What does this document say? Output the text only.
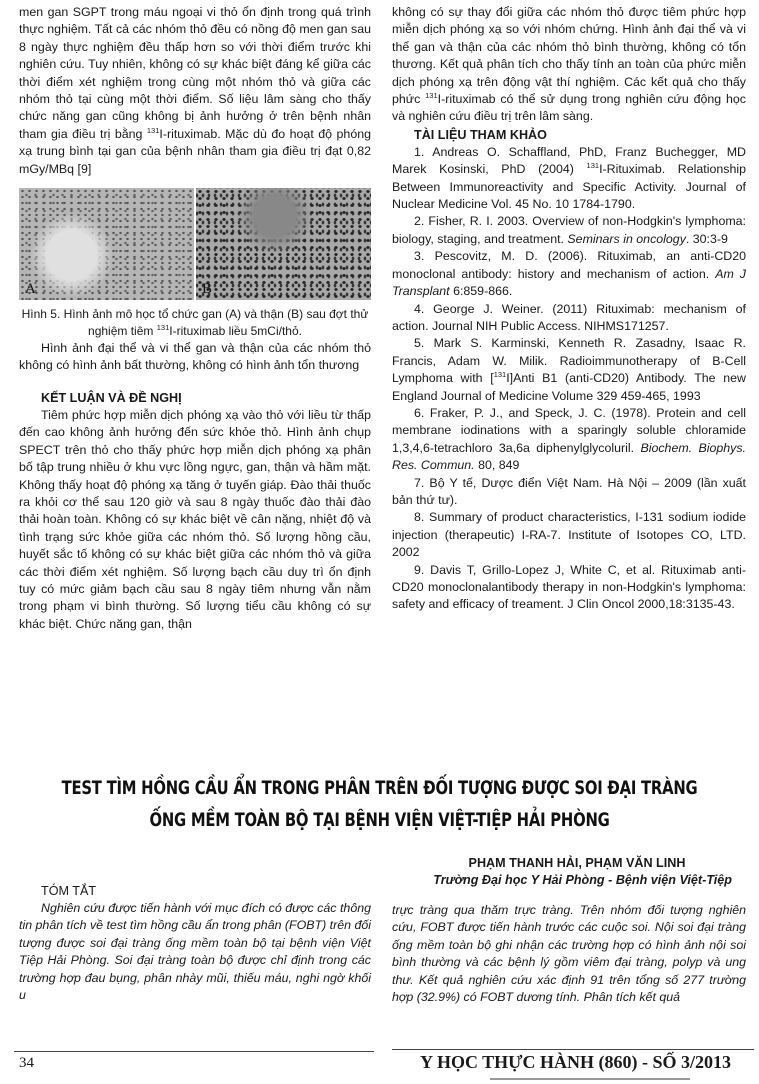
men gan SGPT trong máu ngoại vi thỏ ổn định trong quá trình thực nghiệm. Tất cả các nhóm thỏ đều có nồng độ men gan sau 8 ngày thực nghiệm đều thấp hơn so với thời điểm trước khi nghiên cứu. Tuy nhiên, không có sự khác biệt đáng kể giữa các thời điểm xét nghiệm trong cùng một nhóm thỏ và giữa các nhóm thỏ tại cùng một thời điểm. Số liệu lâm sàng cho thấy chức năng gan cũng không bị ảnh hưởng ở trên bệnh nhân tham gia điều trị bằng $^{131}$I-rituximab. Mặc dù đo hoạt độ phóng xạ trung bình tại gan của bệnh nhân tham gia điều trị đạt 0,82 mGy/MBq [9]

A	B
Hình 5. Hình ảnh mô học tổ chức gan (A) và thận (B) sau đợt thử nghiệm tiêm $^{131}$I-rituximab liều 5mCi/thỏ.

Hình ảnh đại thể và vi thể gan và thận của các nhóm thỏ không có hình ảnh bất thường, không có hình ảnh tổn thương

KẾT LUẬN VÀ ĐỀ NGHỊ

Tiêm phức hợp miễn dịch phóng xạ vào thỏ với liều từ thấp đến cao không ảnh hưởng đến sức khỏe thỏ. Hình ảnh chụp SPECT trên thỏ cho thấy phức hợp miễn dịch phóng xạ phân bố tập trung nhiều ở khu vực lồng ngực, gan, thận và hầm mặt. Không thấy hoạt độ phóng xạ tăng ở tuyến giáp. Đào thải thuốc ra khỏi cơ thể sau 120 giờ và sau 8 ngày thuốc đào thải đào thải hoàn toàn. Không có sự khác biệt về cân nặng, nhiệt độ và tình trạng sức khỏe giữa các nhóm thỏ. Số lượng hồng cầu, huyết sắc tố không có sự khác biệt giữa các nhóm thỏ và giữa các thời điểm xét nghiệm. Số lượng bạch cầu duy trì ổn định tuy có mức giảm bạch cầu sau 8 ngày tiêm nhưng vẫn nằm trong phạm vi bình thường. Số lượng tiểu cầu không có sự khác biệt. Chức năng gan, thận

không có sự thay đổi giữa các nhóm thỏ được tiêm phức hợp miễn dịch phóng xạ so với nhóm chứng. Hình ảnh đại thể và vi thể gan và thận của các nhóm thỏ bình thường, không có tổn thương. Kết quả phân tích cho thấy tính an toàn của phức miễn dịch phóng xạ trên động vật thí nghiệm. Các kết quả cho thấy phức $^{131}$I-rituximab có thể sử dụng trong nghiên cứu động học và nghiên cứu điều trị trên lâm sàng.

TÀI LIỆU THAM KHẢO

1. Andreas O. Schaffland, PhD, Franz Buchegger, MD Marek Kosinski, PhD (2004) $^{131}$I-Rituximab. Relationship Between Immunoreactivity and Specific Activity. Journal of Nuclear Medicine Vol. 45 No. 10 1784-1790.

2. Fisher, R. I. 2003. Overview of non-Hodgkin's lymphoma: biology, staging, and treatment. Seminars in oncology. 30:3-9

3. Pescovitz, M. D. (2006). Rituximab, an anti-CD20 monoclonal antibody: history and mechanism of action. Am J Transplant 6:859-866.

4. George J. Weiner. (2011) Rituximab: mechanism of action. Journal NIH Public Access. NIHMS171257.

5. Mark S. Karminski, Kenneth R. Zasadny, Isaac R. Francis, Adam W. Milik. Radioimmunotherapy of B-Cell Lymphoma with [$^{131}$I]Anti B1 (anti-CD20) Antibody. The new England Journal of Medicine Volume 329 459-465, 1993

6. Fraker, P. J., and Speck, J. C. (1978). Protein and cell membrane iodinations with a sparingly soluble chloramide 1,3,4,6-tetrachloro 3a,6a diphenylglycoluril. Biochem. Biophys. Res. Commun. 80, 849

7. Bộ Y tế, Dược điển Việt Nam. Hà Nội – 2009 (lần xuất bản thứ tư).

8. Summary of product characteristics, I-131 sodium iodide injection (therapeutic) I-RA-7. Institute of Isotopes CO, LTD. 2002

9. Davis T, Grillo-Lopez J, White C, et al. Rituximab anti-CD20 monoclonalantibody therapy in non-Hodgkin's lymphoma: safety and efficacy of treament. J Clin Oncol 2000,18:3135-43.

TEST TÌM HỒNG CẦU ẨN TRONG PHÂN TRÊN ĐỐI TƯỢNG ĐƯỢC SOI ĐẠI TRÀNG
ỐNG MỀM TOÀN BỘ TẠI BỆNH VIỆN VIỆT-TIỆP HẢI PHÒNG
PHẠM THANH HẢI, PHẠM VĂN LINH
Trường Đại học Y Hải Phòng - Bệnh viện Việt-Tiệp
TÓM TẮT

Nghiên cứu được tiến hành với mục đích có được các thông tin phân tích về test tìm hồng cầu ẩn trong phân (FOBT) trên đối tượng được soi đại tràng ống mềm toàn bộ tại bệnh viện Việt Tiệp Hải Phòng. Soi đại tràng toàn bộ được chỉ định trong các trường hợp đau bụng, phân nhày mũi, thiếu máu, nghi ngờ khối u

trực tràng qua thăm trực tràng. Trên nhóm đối tượng nghiên cứu, FOBT được tiến hành trước các cuộc soi. Nội soi đại tràng ống mềm toàn bộ ghi nhận các trường hợp có hình ảnh nội soi bình thường và các bệnh lý gồm viêm đại tràng, polyp và ung thư. Kết quả nghiên cứu xác định 91 trên tổng số 277 trường hợp (32.9%) có FOBT dương tính. Phân tích kết quả

34	Y HỌC THỰC HÀNH (860) - SỐ 3/2013
